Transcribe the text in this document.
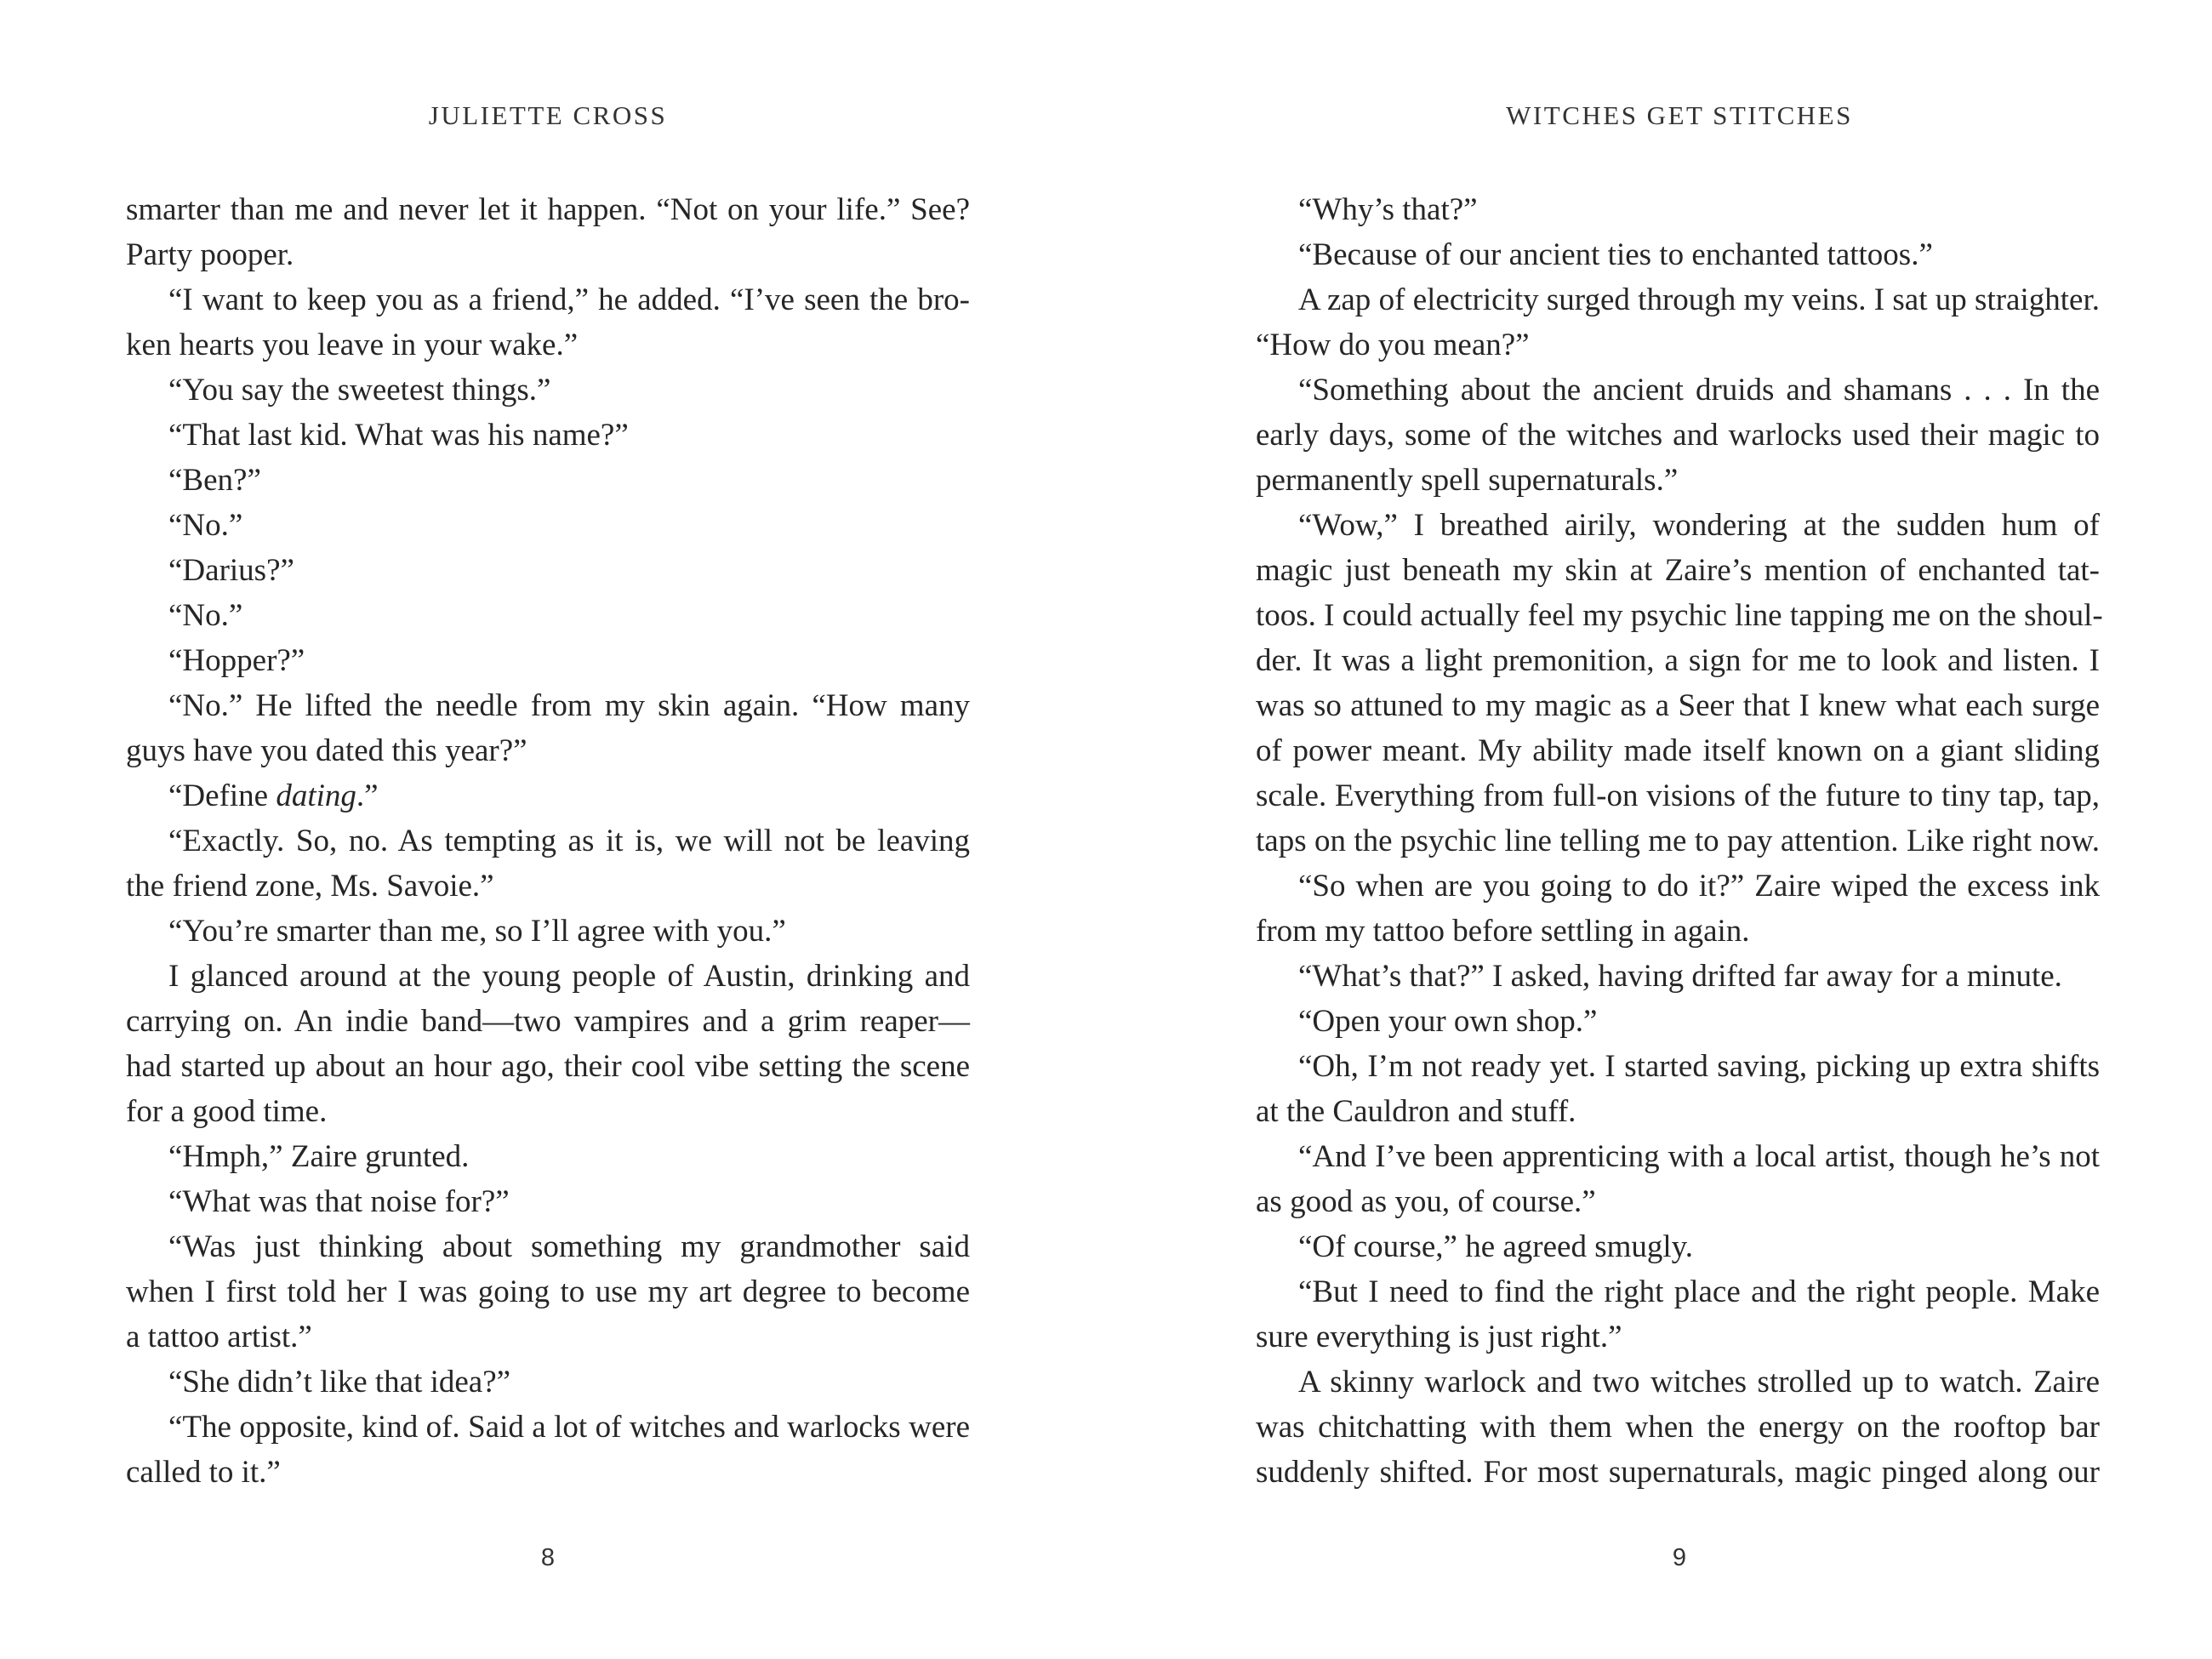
JULIETTE CROSS
smarter than me and never let it happen. “Not on your life.” See?
Party pooper.
“I want to keep you as a friend,” he added. “I’ve seen the bro-
ken hearts you leave in your wake.”
“You say the sweetest things.”
“That last kid. What was his name?”
“Ben?”
“No.”
“Darius?”
“No.”
“Hopper?”
“No.” He lifted the needle from my skin again. “How many
guys have you dated this year?”
“Define dating.”
“Exactly. So, no. As tempting as it is, we will not be leaving
the friend zone, Ms. Savoie.”
“You’re smarter than me, so I’ll agree with you.”
I glanced around at the young people of Austin, drinking and
carrying on. An indie band—two vampires and a grim reaper—
had started up about an hour ago, their cool vibe setting the scene
for a good time.
“Hmph,” Zaire grunted.
“What was that noise for?”
“Was just thinking about something my grandmother said
when I first told her I was going to use my art degree to become
a tattoo artist.”
“She didn’t like that idea?”
“The opposite, kind of. Said a lot of witches and warlocks were
called to it.”
8
WITCHES GET STITCHES
“Why’s that?”
“Because of our ancient ties to enchanted tattoos.”
A zap of electricity surged through my veins. I sat up straighter.
“How do you mean?”
“Something about the ancient druids and shamans . . . In the
early days, some of the witches and warlocks used their magic to
permanently spell supernaturals.”
“Wow,” I breathed airily, wondering at the sudden hum of
magic just beneath my skin at Zaire’s mention of enchanted tat-
toos. I could actually feel my psychic line tapping me on the shoul-
der. It was a light premonition, a sign for me to look and listen. I
was so attuned to my magic as a Seer that I knew what each surge
of power meant. My ability made itself known on a giant sliding
scale. Everything from full-on visions of the future to tiny tap, tap,
taps on the psychic line telling me to pay attention. Like right now.
“So when are you going to do it?” Zaire wiped the excess ink
from my tattoo before settling in again.
“What’s that?” I asked, having drifted far away for a minute.
“Open your own shop.”
“Oh, I’m not ready yet. I started saving, picking up extra shifts
at the Cauldron and stuff.
“And I’ve been apprenticing with a local artist, though he’s not
as good as you, of course.”
“Of course,” he agreed smugly.
“But I need to find the right place and the right people. Make
sure everything is just right.”
A skinny warlock and two witches strolled up to watch. Zaire
was chitchatting with them when the energy on the rooftop bar
suddenly shifted. For most supernaturals, magic pinged along our
9
